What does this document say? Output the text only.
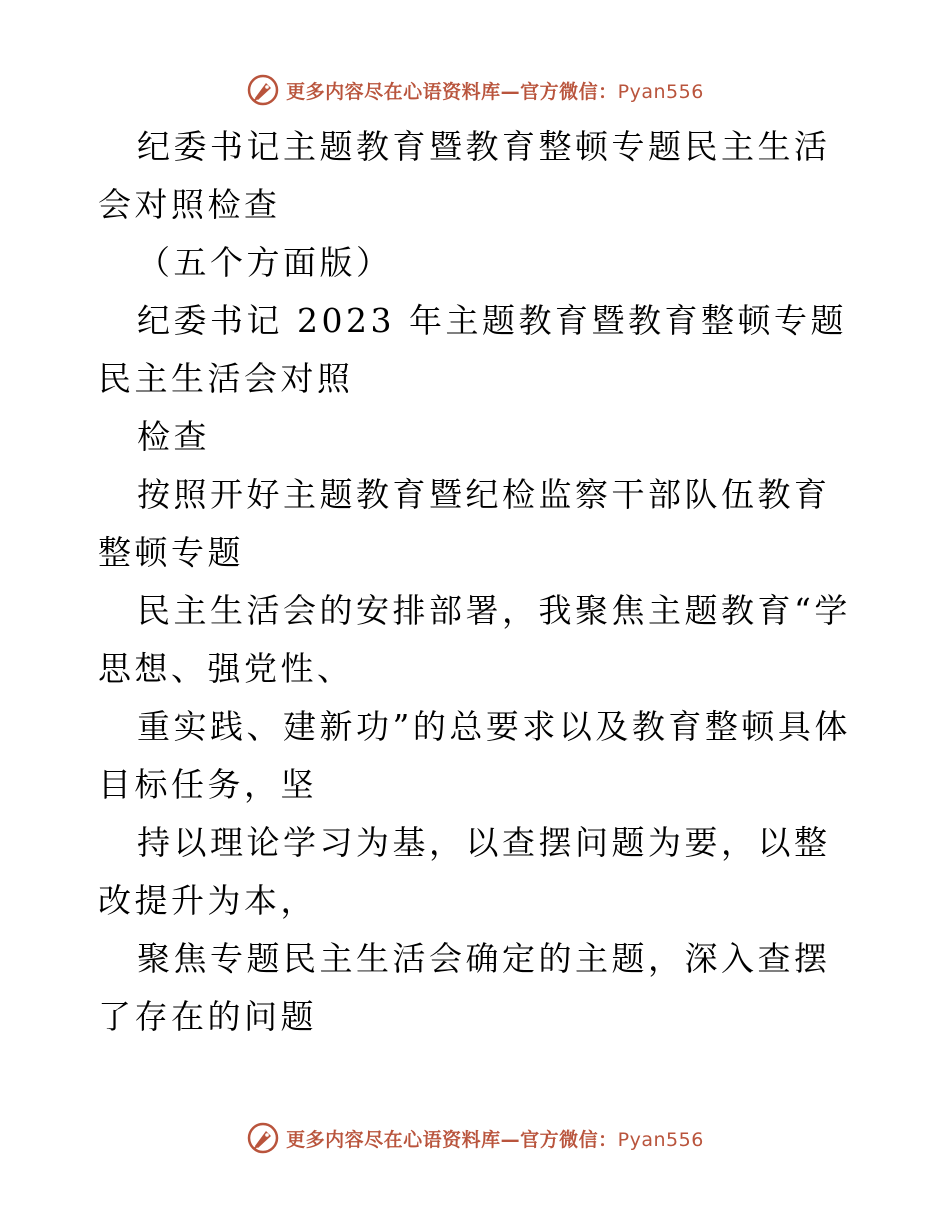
更多内容尽在心语资料库—官方微信：Pyan556

纪委书记主题教育暨教育整顿专题民主生活会对照检查

（五个方面版）

纪委书记 2023 年主题教育暨教育整顿专题民主生活会对照

检查

按照开好主题教育暨纪检监察干部队伍教育整顿专题

民主生活会的安排部署，我聚焦主题教育“学思想、强党性、

重实践、建新功”的总要求以及教育整顿具体目标任务，坚

持以理论学习为基，以查摆问题为要，以整改提升为本，

聚焦专题民主生活会确定的主题，深入查摆了存在的问题

更多内容尽在心语资料库—官方微信：Pyan556
